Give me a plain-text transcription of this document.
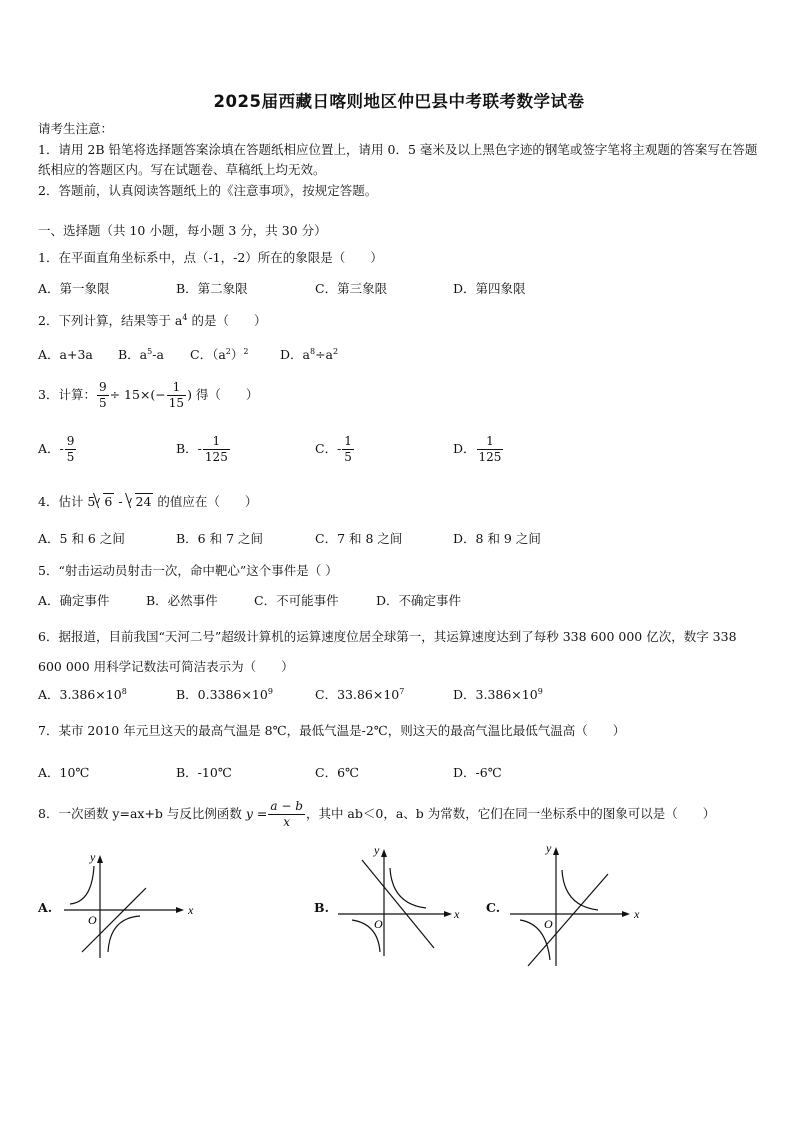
2025届西藏日喀则地区仲巴县中考联考数学试卷
请考生注意：
1．请用 2B 铅笔将选择题答案涂填在答题纸相应位置上，请用 0．5 毫米及以上黑色字迹的钢笔或签字笔将主观题的答案写在答题纸相应的答题区内。写在试题卷、草稿纸上均无效。
2．答题前，认真阅读答题纸上的《注意事项》，按规定答题。
一、选择题（共 10 小题，每小题 3 分，共 30 分）
1．在平面直角坐标系中，点（-1，-2）所在的象限是（　　）
A．第一象限	B．第二象限	C．第三象限	D．第四象限
2．下列计算，结果等于 $a^4$ 的是（　　）
A．a+3a B．$a^5-a$ C．$(a^2)^2$	D．$a^8\div a^2$
3．计算： $\frac{9}{5} \div 15\times(- \frac{1}{15}$ ) 得（　　）
A．- $\frac{9}{5}$	B．- $\frac{1}{125}$	C．- $\frac{1}{5}$	D． $\frac{1}{125}$
4．估计 5 6 - 24 的值应在（　　）
A．5 和 6 之间	B．6 和 7 之间	C．7 和 8 之间	D．8 和 9 之间
5．“射击运动员射击一次，命中靶心”这个事件是（ ）
A．确定事件	B．必然事件	C．不可能事件	D．不确定事件
6．据报道，目前我国“天河二号”超级计算机的运算速度位居全球第一，其运算速度达到了每秒 338 600 000 亿次，数字 338 600 000 用科学记数法可简洁表示为（　　）
A．$3.386\times 10^8$	B．$0.3386\times 10^9$	C．$33.86\times 10^7$	D．$3.386\times 10^9$
7．某市 2010 年元旦这天的最高气温是 8℃，最低气温是-2℃，则这天的最高气温比最低气温高（　　）
A．10℃	B．-10℃	C．6℃	D．-6℃
8．一次函数 y=ax+b 与反比例函数 $y = \frac{a - b}{x}$ ，其中 ab＜0，a、b 为常数，它们在同一坐标系中的图象可以是（　　）
A.	x
y
O
B.	x
y
O
C.	x
y
O
